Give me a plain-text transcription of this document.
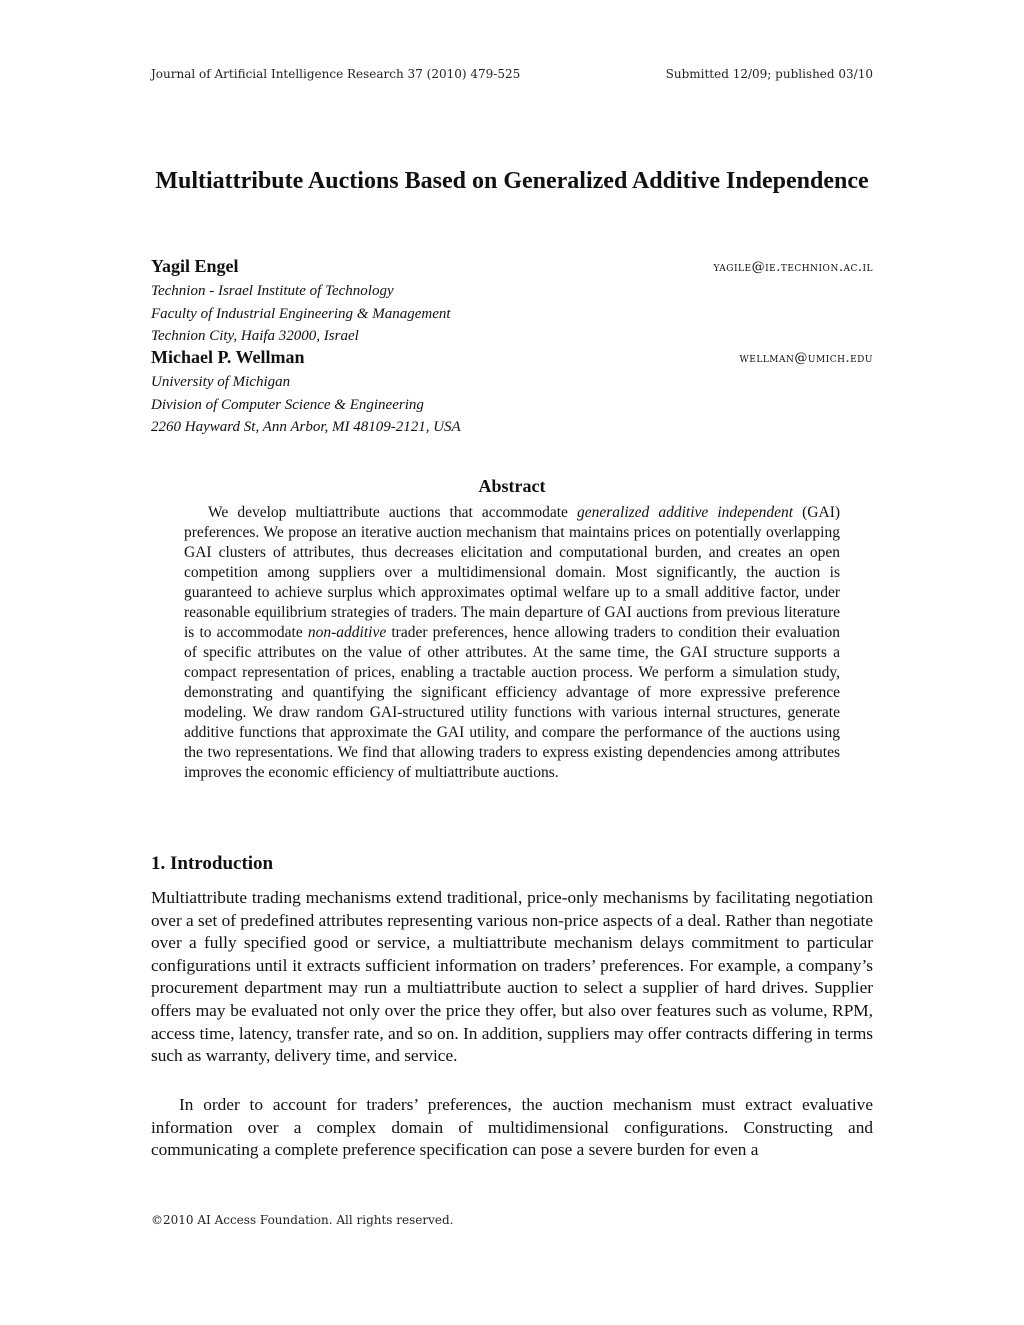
Journal of Artificial Intelligence Research 37 (2010) 479-525	Submitted 12/09; published 03/10
Multiattribute Auctions Based on Generalized Additive Independence
Yagil Engel	yagile@ie.technion.ac.il
Technion - Israel Institute of Technology
Faculty of Industrial Engineering & Management
Technion City, Haifa 32000, Israel
Michael P. Wellman	wellman@umich.edu
University of Michigan
Division of Computer Science & Engineering
2260 Hayward St, Ann Arbor, MI 48109-2121, USA
Abstract

We develop multiattribute auctions that accommodate generalized additive independent (GAI) preferences. We propose an iterative auction mechanism that maintains prices on potentially overlapping GAI clusters of attributes, thus decreases elicitation and computational burden, and creates an open competition among suppliers over a multidimensional domain. Most significantly, the auction is guaranteed to achieve surplus which approximates optimal welfare up to a small additive factor, under reasonable equilibrium strategies of traders. The main departure of GAI auctions from previous literature is to accommodate non-additive trader preferences, hence allowing traders to condition their evaluation of specific attributes on the value of other attributes. At the same time, the GAI structure supports a compact representation of prices, enabling a tractable auction process. We perform a simulation study, demonstrating and quantifying the significant efficiency advantage of more expressive preference modeling. We draw random GAI-structured utility functions with various internal structures, generate additive functions that approximate the GAI utility, and compare the performance of the auctions using the two representations. We find that allowing traders to express existing dependencies among attributes improves the economic efficiency of multiattribute auctions.

1. Introduction

Multiattribute trading mechanisms extend traditional, price-only mechanisms by facilitating negotiation over a set of predefined attributes representing various non-price aspects of a deal. Rather than negotiate over a fully specified good or service, a multiattribute mechanism delays commitment to particular configurations until it extracts sufficient information on traders’ preferences. For example, a company’s procurement department may run a multiattribute auction to select a supplier of hard drives. Supplier offers may be evaluated not only over the price they offer, but also over features such as volume, RPM, access time, latency, transfer rate, and so on. In addition, suppliers may offer contracts differing in terms such as warranty, delivery time, and service.

In order to account for traders’ preferences, the auction mechanism must extract evaluative information over a complex domain of multidimensional configurations. Constructing and communicating a complete preference specification can pose a severe burden for even a

©2010 AI Access Foundation. All rights reserved.
